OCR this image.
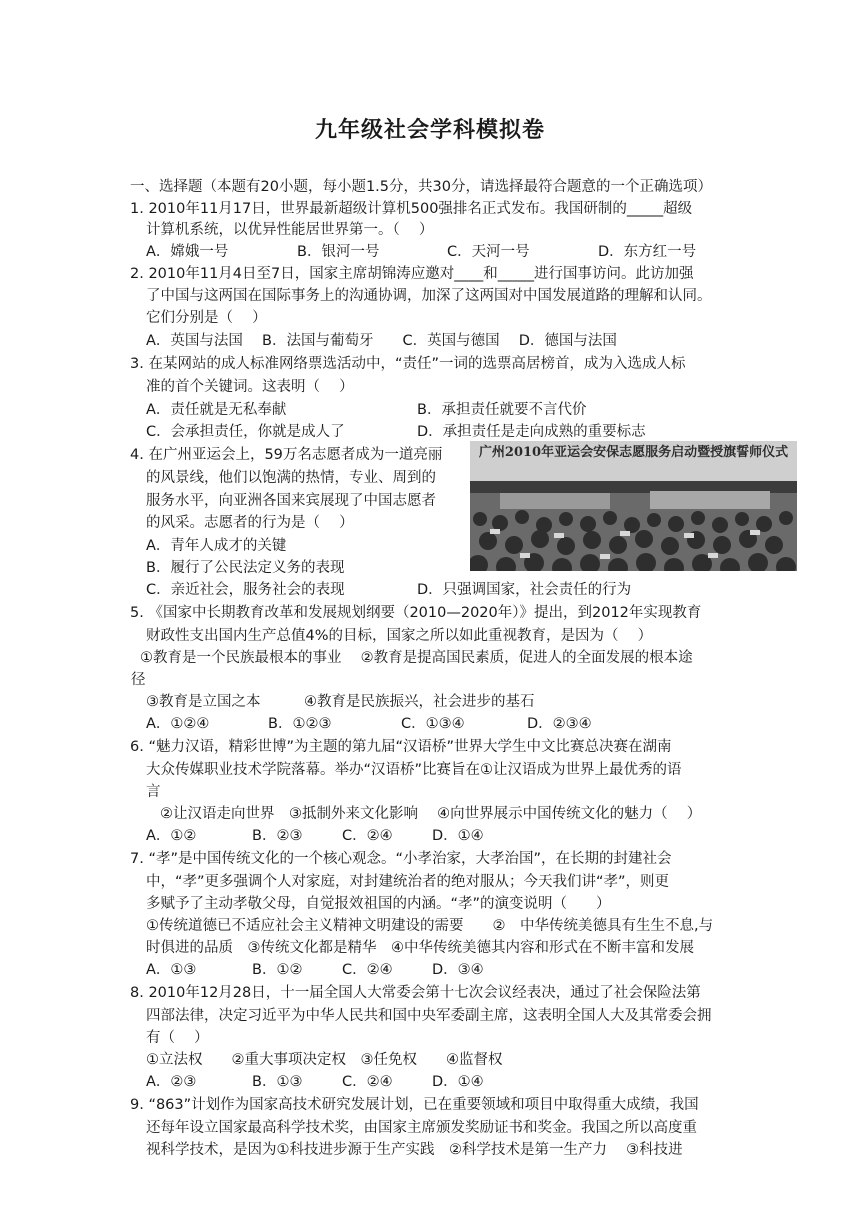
九年级社会学科模拟卷
一、选择题（本题有20小题，每小题1.5分，共30分，请选择最符合题意的一个正确选项）
1. 2010年11月17日，世界最新超级计算机500强排名正式发布。我国研制的_____超级
计算机系统，以优异性能居世界第一。（　 ）
A．嫦娥一号	B．银河一号	C．天河一号	D．东方红一号
2. 2010年11月4日至7日，国家主席胡锦涛应邀对____和_____进行国事访问。此访加强
了中国与这两国在国际事务上的沟通协调，加深了这两国对中国发展道路的理解和认同。
它们分别是（　 ）
A．英国与法国　 B．法国与葡萄牙　　C．英国与德国　 D．德国与法国
3. 在某网站的成人标准网络票选活动中，“责任”一词的选票高居榜首，成为入选成人标
准的首个关键词。这表明（　 ）
A．责任就是无私奉献	B．承担责任就要不言代价
C．会承担责任，你就是成人了	D．承担责任是走向成熟的重要标志
4. 在广州亚运会上，59万名志愿者成为一道亮丽
的风景线，他们以饱满的热情，专业、周到的
服务水平，向亚洲各国来宾展现了中国志愿者
的风采。志愿者的行为是（　 ）
A．青年人成才的关键
B．履行了公民法定义务的表现
C．亲近社会，服务社会的表现	D．只强调国家，社会责任的行为
广州2010年亚运会安保志愿服务启动暨授旗誓师仪式
5. 《国家中长期教育改革和发展规划纲要（2010—2020年）》提出，到2012年实现教育
财政性支出国内生产总值4%的目标，国家之所以如此重视教育，是因为（　 ）
①教育是一个民族最根本的事业　 ②教育是提高国民素质，促进人的全面发展的根本途
径
③教育是立国之本　　　④教育是民族振兴，社会进步的基石
A．①②④	B．①②③	C．①③④	D．②③④
6. “魅力汉语，精彩世博”为主题的第九届“汉语桥”世界大学生中文比赛总决赛在湖南
大众传媒职业技术学院落幕。举办“汉语桥”比赛旨在①让汉语成为世界上最优秀的语
言
②让汉语走向世界　③抵制外来文化影响　 ④向世界展示中国传统文化的魅力（　 ）
A．①②	B．②③	C．②④	D．①④
7. “孝”是中国传统文化的一个核心观念。“小孝治家，大孝治国”，在长期的封建社会
中，“孝”更多强调个人对家庭，对封建统治者的绝对服从；今天我们讲“孝”，则更
多赋予了主动孝敬父母，自觉报效祖国的内涵。“孝”的演变说明（　　）
①传统道德已不适应社会主义精神文明建设的需要　　②　中华传统美德具有生生不息,与
时俱进的品质　③传统文化都是精华　④中华传统美德其内容和形式在不断丰富和发展
A．①③	B．①②	C．②④	D．③④
8. 2010年12月28日，十一届全国人大常委会第十七次会议经表决，通过了社会保险法第
四部法律，决定习近平为中华人民共和国中央军委副主席，这表明全国人大及其常委会拥
有（　 ）
①立法权　　②重大事项决定权　③任免权　　④监督权
A．②③	B．①③	C．②④	D．①④
9. “863”计划作为国家高技术研究发展计划，已在重要领域和项目中取得重大成绩，我国
还每年设立国家最高科学技术奖，由国家主席颁发奖励证书和奖金。我国之所以高度重
视科学技术，是因为①科技进步源于生产实践　②科学技术是第一生产力　 ③科技进
